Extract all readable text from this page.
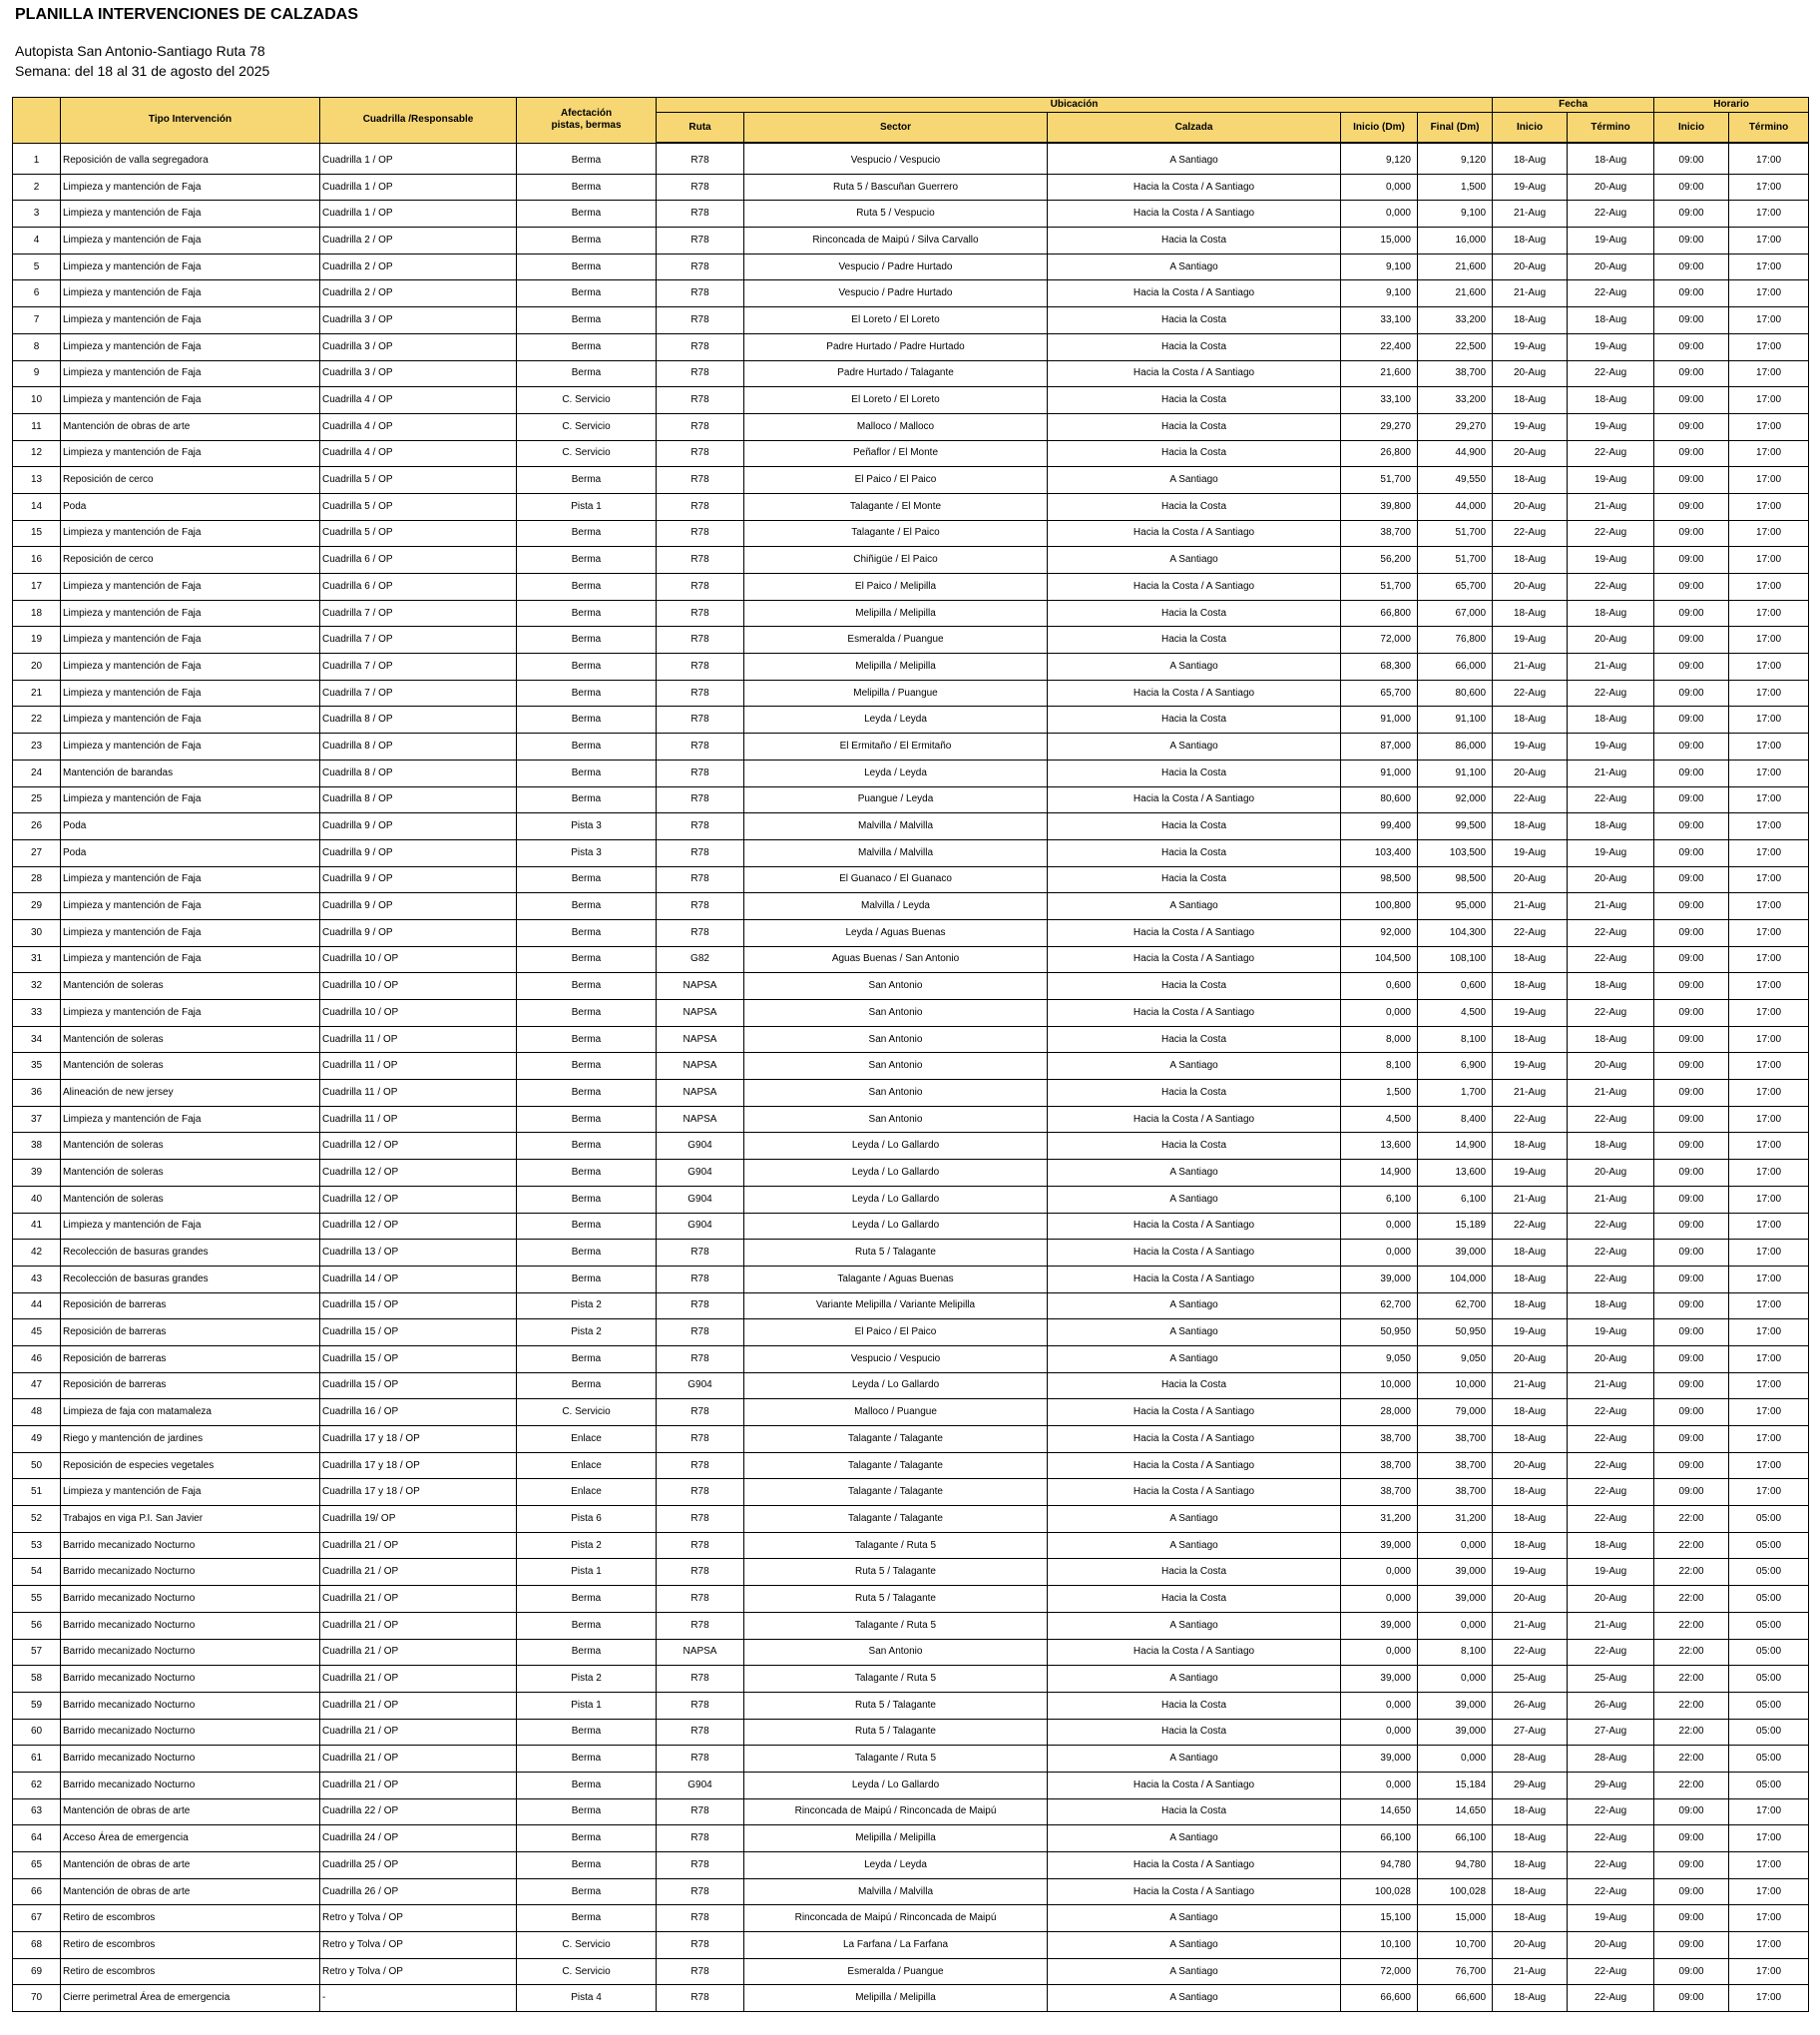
PLANILLA INTERVENCIONES DE CALZADAS
Autopista San Antonio-Santiago Ruta 78
Semana: del 18 al 31 de agosto del 2025
	Tipo Intervención	Cuadrilla /Responsable	Afectación
pistas, bermas	Ubicación					Fecha		Horario	
				Ruta	Sector	Calzada	Inicio (Dm)	Final (Dm)	Inicio	Término	Inicio	Término
1	Reposición de valla segregadora	Cuadrilla 1 / OP	Berma	R78	Vespucio / Vespucio	A Santiago	9,120	9,120	18-Aug	18-Aug	09:00	17:00
2	Limpieza y mantención de Faja	Cuadrilla 1 / OP	Berma	R78	Ruta 5 / Bascuñan Guerrero	Hacia la Costa / A Santiago	0,000	1,500	19-Aug	20-Aug	09:00	17:00
3	Limpieza y mantención de Faja	Cuadrilla 1 / OP	Berma	R78	Ruta 5 / Vespucio	Hacia la Costa / A Santiago	0,000	9,100	21-Aug	22-Aug	09:00	17:00
4	Limpieza y mantención de Faja	Cuadrilla 2 / OP	Berma	R78	Rinconcada de Maipú / Silva Carvallo	Hacia la Costa	15,000	16,000	18-Aug	19-Aug	09:00	17:00
5	Limpieza y mantención de Faja	Cuadrilla 2 / OP	Berma	R78	Vespucio / Padre Hurtado	A Santiago	9,100	21,600	20-Aug	20-Aug	09:00	17:00
6	Limpieza y mantención de Faja	Cuadrilla 2 / OP	Berma	R78	Vespucio / Padre Hurtado	Hacia la Costa / A Santiago	9,100	21,600	21-Aug	22-Aug	09:00	17:00
7	Limpieza y mantención de Faja	Cuadrilla 3 / OP	Berma	R78	El Loreto / El Loreto	Hacia la Costa	33,100	33,200	18-Aug	18-Aug	09:00	17:00
8	Limpieza y mantención de Faja	Cuadrilla 3 / OP	Berma	R78	Padre Hurtado / Padre Hurtado	Hacia la Costa	22,400	22,500	19-Aug	19-Aug	09:00	17:00
9	Limpieza y mantención de Faja	Cuadrilla 3 / OP	Berma	R78	Padre Hurtado / Talagante	Hacia la Costa / A Santiago	21,600	38,700	20-Aug	22-Aug	09:00	17:00
10	Limpieza y mantención de Faja	Cuadrilla 4 / OP	C. Servicio	R78	El Loreto / El Loreto	Hacia la Costa	33,100	33,200	18-Aug	18-Aug	09:00	17:00
11	Mantención de obras de arte	Cuadrilla 4 / OP	C. Servicio	R78	Malloco / Malloco	Hacia la Costa	29,270	29,270	19-Aug	19-Aug	09:00	17:00
12	Limpieza y mantención de Faja	Cuadrilla 4 / OP	C. Servicio	R78	Peñaflor / El Monte	Hacia la Costa	26,800	44,900	20-Aug	22-Aug	09:00	17:00
13	Reposición de cerco	Cuadrilla 5 / OP	Berma	R78	El Paico / El Paico	A Santiago	51,700	49,550	18-Aug	19-Aug	09:00	17:00
14	Poda	Cuadrilla 5 / OP	Pista 1	R78	Talagante / El Monte	Hacia la Costa	39,800	44,000	20-Aug	21-Aug	09:00	17:00
15	Limpieza y mantención de Faja	Cuadrilla 5 / OP	Berma	R78	Talagante / El Paico	Hacia la Costa / A Santiago	38,700	51,700	22-Aug	22-Aug	09:00	17:00
16	Reposición de cerco	Cuadrilla 6 / OP	Berma	R78	Chiñigüe / El Paico	A Santiago	56,200	51,700	18-Aug	19-Aug	09:00	17:00
17	Limpieza y mantención de Faja	Cuadrilla 6 / OP	Berma	R78	El Paico / Melipilla	Hacia la Costa / A Santiago	51,700	65,700	20-Aug	22-Aug	09:00	17:00
18	Limpieza y mantención de Faja	Cuadrilla 7 / OP	Berma	R78	Melipilla / Melipilla	Hacia la Costa	66,800	67,000	18-Aug	18-Aug	09:00	17:00
19	Limpieza y mantención de Faja	Cuadrilla 7 / OP	Berma	R78	Esmeralda / Puangue	Hacia la Costa	72,000	76,800	19-Aug	20-Aug	09:00	17:00
20	Limpieza y mantención de Faja	Cuadrilla 7 / OP	Berma	R78	Melipilla / Melipilla	A Santiago	68,300	66,000	21-Aug	21-Aug	09:00	17:00
21	Limpieza y mantención de Faja	Cuadrilla 7 / OP	Berma	R78	Melipilla / Puangue	Hacia la Costa / A Santiago	65,700	80,600	22-Aug	22-Aug	09:00	17:00
22	Limpieza y mantención de Faja	Cuadrilla 8 / OP	Berma	R78	Leyda / Leyda	Hacia la Costa	91,000	91,100	18-Aug	18-Aug	09:00	17:00
23	Limpieza y mantención de Faja	Cuadrilla 8 / OP	Berma	R78	El Ermitaño / El Ermitaño	A Santiago	87,000	86,000	19-Aug	19-Aug	09:00	17:00
24	Mantención de barandas	Cuadrilla 8 / OP	Berma	R78	Leyda / Leyda	Hacia la Costa	91,000	91,100	20-Aug	21-Aug	09:00	17:00
25	Limpieza y mantención de Faja	Cuadrilla 8 / OP	Berma	R78	Puangue / Leyda	Hacia la Costa / A Santiago	80,600	92,000	22-Aug	22-Aug	09:00	17:00
26	Poda	Cuadrilla 9 / OP	Pista 3	R78	Malvilla / Malvilla	Hacia la Costa	99,400	99,500	18-Aug	18-Aug	09:00	17:00
27	Poda	Cuadrilla 9 / OP	Pista 3	R78	Malvilla / Malvilla	Hacia la Costa	103,400	103,500	19-Aug	19-Aug	09:00	17:00
28	Limpieza y mantención de Faja	Cuadrilla 9 / OP	Berma	R78	El Guanaco / El Guanaco	Hacia la Costa	98,500	98,500	20-Aug	20-Aug	09:00	17:00
29	Limpieza y mantención de Faja	Cuadrilla 9 / OP	Berma	R78	Malvilla / Leyda	A Santiago	100,800	95,000	21-Aug	21-Aug	09:00	17:00
30	Limpieza y mantención de Faja	Cuadrilla 9 / OP	Berma	R78	Leyda / Aguas Buenas	Hacia la Costa / A Santiago	92,000	104,300	22-Aug	22-Aug	09:00	17:00
31	Limpieza y mantención de Faja	Cuadrilla 10 / OP	Berma	G82	Aguas Buenas / San Antonio	Hacia la Costa / A Santiago	104,500	108,100	18-Aug	22-Aug	09:00	17:00
32	Mantención de soleras	Cuadrilla 10 / OP	Berma	NAPSA	San Antonio	Hacia la Costa	0,600	0,600	18-Aug	18-Aug	09:00	17:00
33	Limpieza y mantención de Faja	Cuadrilla 10 / OP	Berma	NAPSA	San Antonio	Hacia la Costa / A Santiago	0,000	4,500	19-Aug	22-Aug	09:00	17:00
34	Mantención de soleras	Cuadrilla 11 / OP	Berma	NAPSA	San Antonio	Hacia la Costa	8,000	8,100	18-Aug	18-Aug	09:00	17:00
35	Mantención de soleras	Cuadrilla 11 / OP	Berma	NAPSA	San Antonio	A Santiago	8,100	6,900	19-Aug	20-Aug	09:00	17:00
36	Alineación de new jersey	Cuadrilla 11 / OP	Berma	NAPSA	San Antonio	Hacia la Costa	1,500	1,700	21-Aug	21-Aug	09:00	17:00
37	Limpieza y mantención de Faja	Cuadrilla 11 / OP	Berma	NAPSA	San Antonio	Hacia la Costa / A Santiago	4,500	8,400	22-Aug	22-Aug	09:00	17:00
38	Mantención de soleras	Cuadrilla 12 / OP	Berma	G904	Leyda / Lo Gallardo	Hacia la Costa	13,600	14,900	18-Aug	18-Aug	09:00	17:00
39	Mantención de soleras	Cuadrilla 12 / OP	Berma	G904	Leyda / Lo Gallardo	A Santiago	14,900	13,600	19-Aug	20-Aug	09:00	17:00
40	Mantención de soleras	Cuadrilla 12 / OP	Berma	G904	Leyda / Lo Gallardo	A Santiago	6,100	6,100	21-Aug	21-Aug	09:00	17:00
41	Limpieza y mantención de Faja	Cuadrilla 12 / OP	Berma	G904	Leyda / Lo Gallardo	Hacia la Costa / A Santiago	0,000	15,189	22-Aug	22-Aug	09:00	17:00
42	Recolección de basuras grandes	Cuadrilla 13 / OP	Berma	R78	Ruta 5 / Talagante	Hacia la Costa / A Santiago	0,000	39,000	18-Aug	22-Aug	09:00	17:00
43	Recolección de basuras grandes	Cuadrilla 14 / OP	Berma	R78	Talagante / Aguas Buenas	Hacia la Costa / A Santiago	39,000	104,000	18-Aug	22-Aug	09:00	17:00
44	Reposición de barreras	Cuadrilla 15 / OP	Pista 2	R78	Variante Melipilla / Variante Melipilla	A Santiago	62,700	62,700	18-Aug	18-Aug	09:00	17:00
45	Reposición de barreras	Cuadrilla 15 / OP	Pista 2	R78	El Paico / El Paico	A Santiago	50,950	50,950	19-Aug	19-Aug	09:00	17:00
46	Reposición de barreras	Cuadrilla 15 / OP	Berma	R78	Vespucio / Vespucio	A Santiago	9,050	9,050	20-Aug	20-Aug	09:00	17:00
47	Reposición de barreras	Cuadrilla 15 / OP	Berma	G904	Leyda / Lo Gallardo	Hacia la Costa	10,000	10,000	21-Aug	21-Aug	09:00	17:00
48	Limpieza de faja con matamaleza	Cuadrilla 16 / OP	C. Servicio	R78	Malloco / Puangue	Hacia la Costa / A Santiago	28,000	79,000	18-Aug	22-Aug	09:00	17:00
49	Riego y mantención de jardines	Cuadrilla 17 y 18 / OP	Enlace	R78	Talagante / Talagante	Hacia la Costa / A Santiago	38,700	38,700	18-Aug	22-Aug	09:00	17:00
50	Reposición de especies vegetales	Cuadrilla 17 y 18 / OP	Enlace	R78	Talagante / Talagante	Hacia la Costa / A Santiago	38,700	38,700	20-Aug	22-Aug	09:00	17:00
51	Limpieza y mantención de Faja	Cuadrilla 17 y 18 / OP	Enlace	R78	Talagante / Talagante	Hacia la Costa / A Santiago	38,700	38,700	18-Aug	22-Aug	09:00	17:00
52	Trabajos en viga P.I. San Javier	Cuadrilla 19/ OP	Pista 6	R78	Talagante / Talagante	A Santiago	31,200	31,200	18-Aug	22-Aug	22:00	05:00
53	Barrido mecanizado Nocturno	Cuadrilla 21 / OP	Pista 2	R78	Talagante / Ruta 5	A Santiago	39,000	0,000	18-Aug	18-Aug	22:00	05:00
54	Barrido mecanizado Nocturno	Cuadrilla 21 / OP	Pista 1	R78	Ruta 5 / Talagante	Hacia la Costa	0,000	39,000	19-Aug	19-Aug	22:00	05:00
55	Barrido mecanizado Nocturno	Cuadrilla 21 / OP	Berma	R78	Ruta 5 / Talagante	Hacia la Costa	0,000	39,000	20-Aug	20-Aug	22:00	05:00
56	Barrido mecanizado Nocturno	Cuadrilla 21 / OP	Berma	R78	Talagante / Ruta 5	A Santiago	39,000	0,000	21-Aug	21-Aug	22:00	05:00
57	Barrido mecanizado Nocturno	Cuadrilla 21 / OP	Berma	NAPSA	San Antonio	Hacia la Costa / A Santiago	0,000	8,100	22-Aug	22-Aug	22:00	05:00
58	Barrido mecanizado Nocturno	Cuadrilla 21 / OP	Pista 2	R78	Talagante / Ruta 5	A Santiago	39,000	0,000	25-Aug	25-Aug	22:00	05:00
59	Barrido mecanizado Nocturno	Cuadrilla 21 / OP	Pista 1	R78	Ruta 5 / Talagante	Hacia la Costa	0,000	39,000	26-Aug	26-Aug	22:00	05:00
60	Barrido mecanizado Nocturno	Cuadrilla 21 / OP	Berma	R78	Ruta 5 / Talagante	Hacia la Costa	0,000	39,000	27-Aug	27-Aug	22:00	05:00
61	Barrido mecanizado Nocturno	Cuadrilla 21 / OP	Berma	R78	Talagante / Ruta 5	A Santiago	39,000	0,000	28-Aug	28-Aug	22:00	05:00
62	Barrido mecanizado Nocturno	Cuadrilla 21 / OP	Berma	G904	Leyda / Lo Gallardo	Hacia la Costa / A Santiago	0,000	15,184	29-Aug	29-Aug	22:00	05:00
63	Mantención de obras de arte	Cuadrilla 22 / OP	Berma	R78	Rinconcada de Maipú / Rinconcada de Maipú	Hacia la Costa	14,650	14,650	18-Aug	22-Aug	09:00	17:00
64	Acceso Área de emergencia	Cuadrilla 24 / OP	Berma	R78	Melipilla / Melipilla	A Santiago	66,100	66,100	18-Aug	22-Aug	09:00	17:00
65	Mantención de obras de arte	Cuadrilla 25 / OP	Berma	R78	Leyda / Leyda	Hacia la Costa / A Santiago	94,780	94,780	18-Aug	22-Aug	09:00	17:00
66	Mantención de obras de arte	Cuadrilla 26 / OP	Berma	R78	Malvilla / Malvilla	Hacia la Costa / A Santiago	100,028	100,028	18-Aug	22-Aug	09:00	17:00
67	Retiro de escombros	Retro y Tolva / OP	Berma	R78	Rinconcada de Maipú / Rinconcada de Maipú	A Santiago	15,100	15,000	18-Aug	19-Aug	09:00	17:00
68	Retiro de escombros	Retro y Tolva / OP	C. Servicio	R78	La Farfana / La Farfana	A Santiago	10,100	10,700	20-Aug	20-Aug	09:00	17:00
69	Retiro de escombros	Retro y Tolva / OP	C. Servicio	R78	Esmeralda / Puangue	A Santiago	72,000	76,700	21-Aug	22-Aug	09:00	17:00
70	Cierre perimetral Área de emergencia	-	Pista 4	R78	Melipilla / Melipilla	A Santiago	66,600	66,600	18-Aug	22-Aug	09:00	17:00
